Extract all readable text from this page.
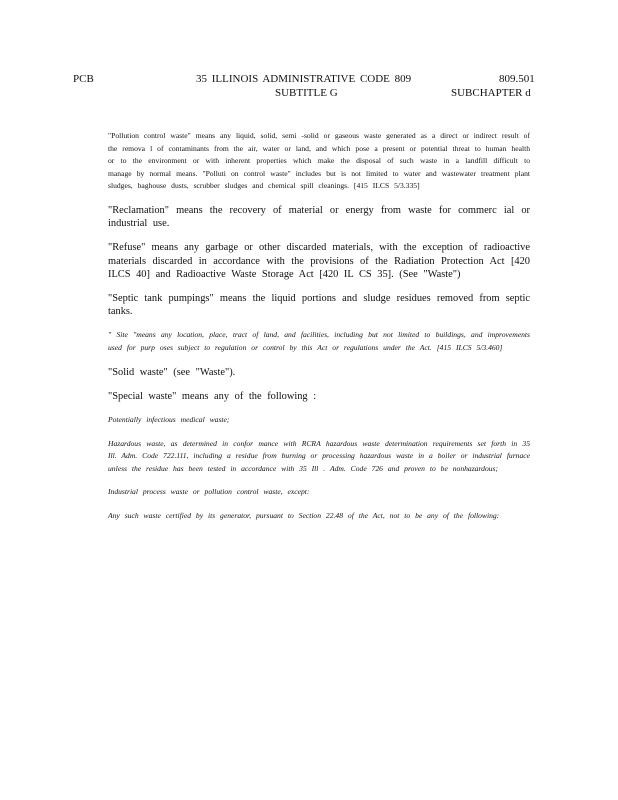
PCB	35 ILLINOIS ADMINISTRATIVE CODE 809	809.501
SUBTITLE G	SUBCHAPTER d

"Pollution control waste" means any liquid, solid, semi -solid or gaseous waste generated as a direct or indirect result of the remova l of contaminants from the air, water or land, and which pose a present or potential threat to human health or to the environment or with inherent properties which make the disposal of such waste in a landfill difficult to manage by normal means. "Polluti on control waste" includes but is not limited to water and wastewater treatment plant sludges, baghouse dusts, scrubber sludges and chemical spill cleanings. [415 ILCS 5/3.335]

"Reclamation" means the recovery of material or energy from waste for commerc ial or industrial use.

"Refuse" means any garbage or other discarded materials, with the exception of radioactive materials discarded in accordance with the provisions of the Radiation Protection Act [420 ILCS 40] and Radioactive Waste Storage Act [420 IL CS 35]. (See "Waste")

"Septic tank pumpings" means the liquid portions and sludge residues removed from septic tanks.

" Site "means any location, place, tract of land, and facilities, including but not limited to buildings, and improvements used for purp oses subject to regulation or control by this Act or regulations under the Act. [415 ILCS 5/3.460]

"Solid waste" (see "Waste").

"Special waste" means any of the following :

Potentially infectious medical waste;

Hazardous waste, as determined in confor mance with RCRA hazardous waste determination requirements set forth in 35 Ill. Adm. Code 722.111, including a residue from burning or processing hazardous waste in a boiler or industrial furnace unless the residue has been tested in accordance with 35 Ill . Adm. Code 726 and proven to be nonhazardous;

Industrial process waste or pollution control waste, except:

Any such waste certified by its generator, pursuant to Section 22.48 of the Act, not to be any of the following:
